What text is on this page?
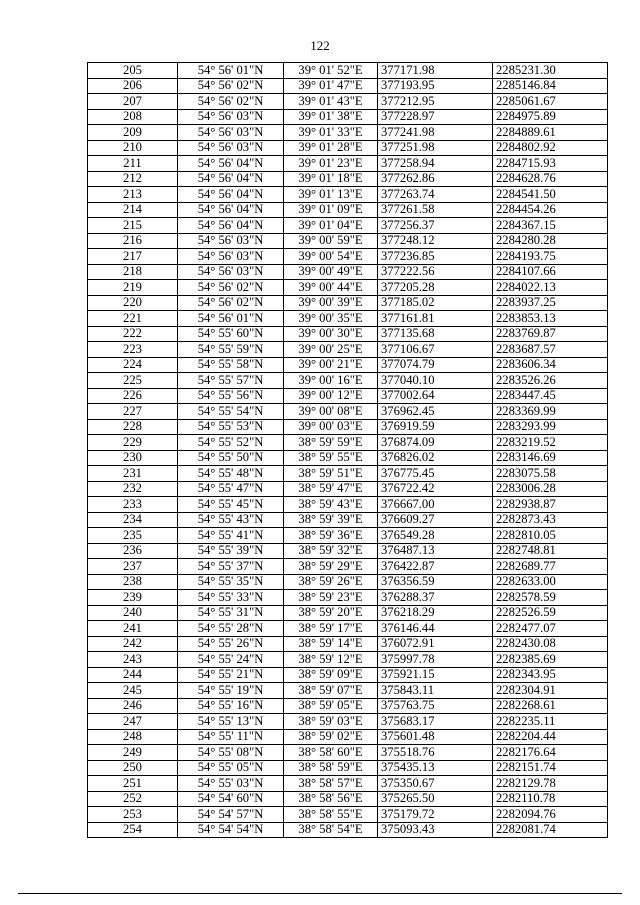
122
205	54° 56' 01"N	39° 01' 52"E	377171.98	2285231.30
206	54° 56' 02"N	39° 01' 47"E	377193.95	2285146.84
207	54° 56' 02"N	39° 01' 43"E	377212.95	2285061.67
208	54° 56' 03"N	39° 01' 38"E	377228.97	2284975.89
209	54° 56' 03"N	39° 01' 33"E	377241.98	2284889.61
210	54° 56' 03"N	39° 01' 28"E	377251.98	2284802.92
211	54° 56' 04"N	39° 01' 23"E	377258.94	2284715.93
212	54° 56' 04"N	39° 01' 18"E	377262.86	2284628.76
213	54° 56' 04"N	39° 01' 13"E	377263.74	2284541.50
214	54° 56' 04"N	39° 01' 09"E	377261.58	2284454.26
215	54° 56' 04"N	39° 01' 04"E	377256.37	2284367.15
216	54° 56' 03"N	39° 00' 59"E	377248.12	2284280.28
217	54° 56' 03"N	39° 00' 54"E	377236.85	2284193.75
218	54° 56' 03"N	39° 00' 49"E	377222.56	2284107.66
219	54° 56' 02"N	39° 00' 44"E	377205.28	2284022.13
220	54° 56' 02"N	39° 00' 39"E	377185.02	2283937.25
221	54° 56' 01"N	39° 00' 35"E	377161.81	2283853.13
222	54° 55' 60"N	39° 00' 30"E	377135.68	2283769.87
223	54° 55' 59"N	39° 00' 25"E	377106.67	2283687.57
224	54° 55' 58"N	39° 00' 21"E	377074.79	2283606.34
225	54° 55' 57"N	39° 00' 16"E	377040.10	2283526.26
226	54° 55' 56"N	39° 00' 12"E	377002.64	2283447.45
227	54° 55' 54"N	39° 00' 08"E	376962.45	2283369.99
228	54° 55' 53"N	39° 00' 03"E	376919.59	2283293.99
229	54° 55' 52"N	38° 59' 59"E	376874.09	2283219.52
230	54° 55' 50"N	38° 59' 55"E	376826.02	2283146.69
231	54° 55' 48"N	38° 59' 51"E	376775.45	2283075.58
232	54° 55' 47"N	38° 59' 47"E	376722.42	2283006.28
233	54° 55' 45"N	38° 59' 43"E	376667.00	2282938.87
234	54° 55' 43"N	38° 59' 39"E	376609.27	2282873.43
235	54° 55' 41"N	38° 59' 36"E	376549.28	2282810.05
236	54° 55' 39"N	38° 59' 32"E	376487.13	2282748.81
237	54° 55' 37"N	38° 59' 29"E	376422.87	2282689.77
238	54° 55' 35"N	38° 59' 26"E	376356.59	2282633.00
239	54° 55' 33"N	38° 59' 23"E	376288.37	2282578.59
240	54° 55' 31"N	38° 59' 20"E	376218.29	2282526.59
241	54° 55' 28"N	38° 59' 17"E	376146.44	2282477.07
242	54° 55' 26"N	38° 59' 14"E	376072.91	2282430.08
243	54° 55' 24"N	38° 59' 12"E	375997.78	2282385.69
244	54° 55' 21"N	38° 59' 09"E	375921.15	2282343.95
245	54° 55' 19"N	38° 59' 07"E	375843.11	2282304.91
246	54° 55' 16"N	38° 59' 05"E	375763.75	2282268.61
247	54° 55' 13"N	38° 59' 03"E	375683.17	2282235.11
248	54° 55' 11"N	38° 59' 02"E	375601.48	2282204.44
249	54° 55' 08"N	38° 58' 60"E	375518.76	2282176.64
250	54° 55' 05"N	38° 58' 59"E	375435.13	2282151.74
251	54° 55' 03"N	38° 58' 57"E	375350.67	2282129.78
252	54° 54' 60"N	38° 58' 56"E	375265.50	2282110.78
253	54° 54' 57"N	38° 58' 55"E	375179.72	2282094.76
254	54° 54' 54"N	38° 58' 54"E	375093.43	2282081.74
